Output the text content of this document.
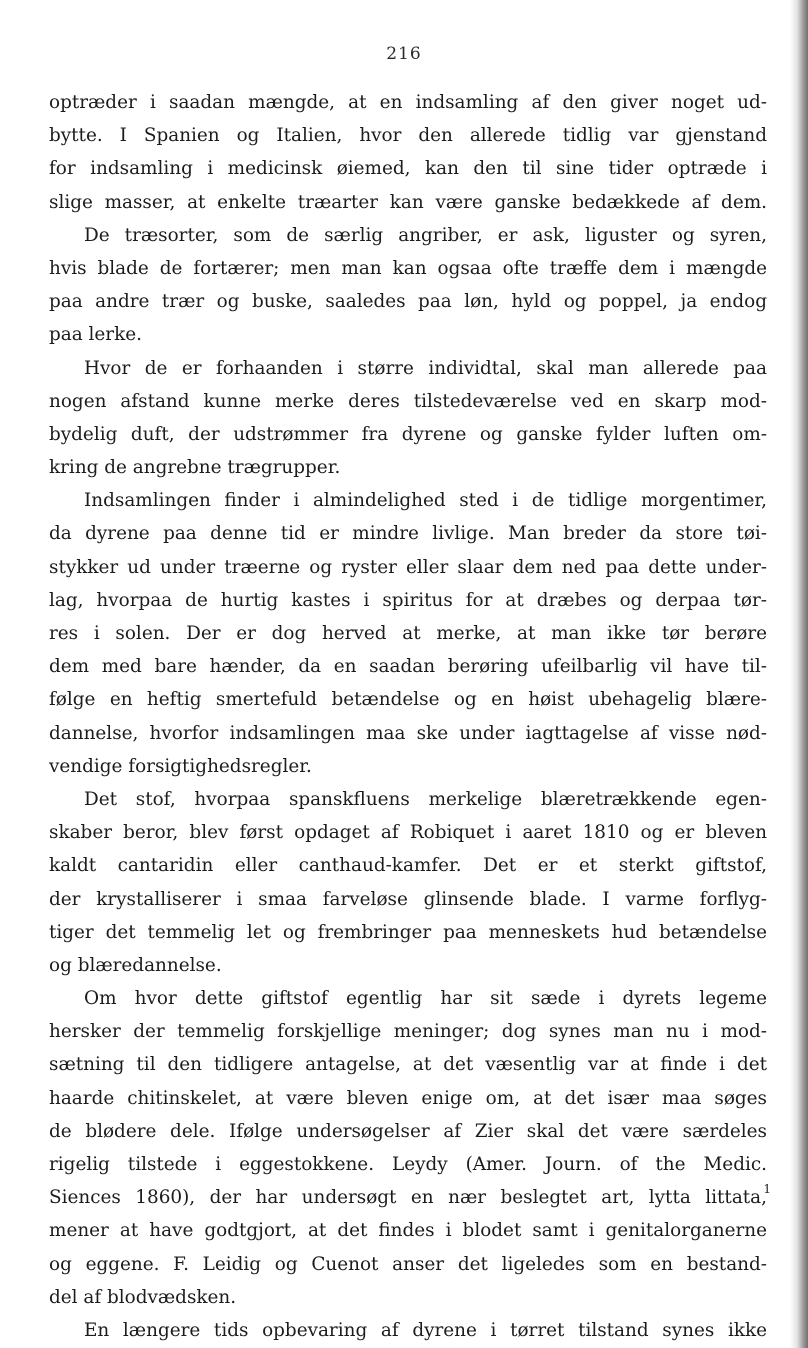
216
optræder i saadan mængde, at en indsamling af den giver noget ud-
bytte. I Spanien og Italien, hvor den allerede tidlig var gjenstand
for indsamling i medicinsk øiemed, kan den til sine tider optræde i
slige masser, at enkelte træarter kan være ganske bedækkede af dem.
De træsorter, som de særlig angriber, er ask, liguster og syren,
hvis blade de fortærer; men man kan ogsaa ofte træffe dem i mængde
paa andre trær og buske, saaledes paa løn, hyld og poppel, ja endog
paa lerke.
Hvor de er forhaanden i større individtal, skal man allerede paa
nogen afstand kunne merke deres tilstedeværelse ved en skarp mod-
bydelig duft, der udstrømmer fra dyrene og ganske fylder luften om-
kring de angrebne trægrupper.
Indsamlingen finder i almindelighed sted i de tidlige morgentimer,
da dyrene paa denne tid er mindre livlige. Man breder da store tøi-
stykker ud under træerne og ryster eller slaar dem ned paa dette under-
lag, hvorpaa de hurtig kastes i spiritus for at dræbes og derpaa tør-
res i solen. Der er dog herved at merke, at man ikke tør berøre
dem med bare hænder, da en saadan berøring ufeilbarlig vil have til-
følge en heftig smertefuld betændelse og en høist ubehagelig blære-
dannelse, hvorfor indsamlingen maa ske under iagttagelse af visse nød-
vendige forsigtighedsregler.
Det stof, hvorpaa spanskfluens merkelige blæretrækkende egen-
skaber beror, blev først opdaget af Robiquet i aaret 1810 og er bleven
kaldt cantaridin eller canthaud-kamfer. Det er et sterkt giftstof,
der krystalliserer i smaa farveløse glinsende blade. I varme forflyg-
tiger det temmelig let og frembringer paa menneskets hud betændelse
og blæredannelse.
Om hvor dette giftstof egentlig har sit sæde i dyrets legeme
hersker der temmelig forskjellige meninger; dog synes man nu i mod-
sætning til den tidligere antagelse, at det væsentlig var at finde i det
haarde chitinskelet, at være bleven enige om, at det især maa søges
de blødere dele. Ifølge undersøgelser af Zier skal det være særdeles
rigelig tilstede i eggestokkene. Leydy (Amer. Journ. of the Medic.
Siences 1860), der har undersøgt en nær beslegtet art, lytta littata,
mener at have godtgjort, at det findes i blodet samt i genitalorganerne
og eggene. F. Leidig og Cuenot anser det ligeledes som en bestand-
del af blodvædsken.
En længere tids opbevaring af dyrene i tørret tilstand synes ikke
1
